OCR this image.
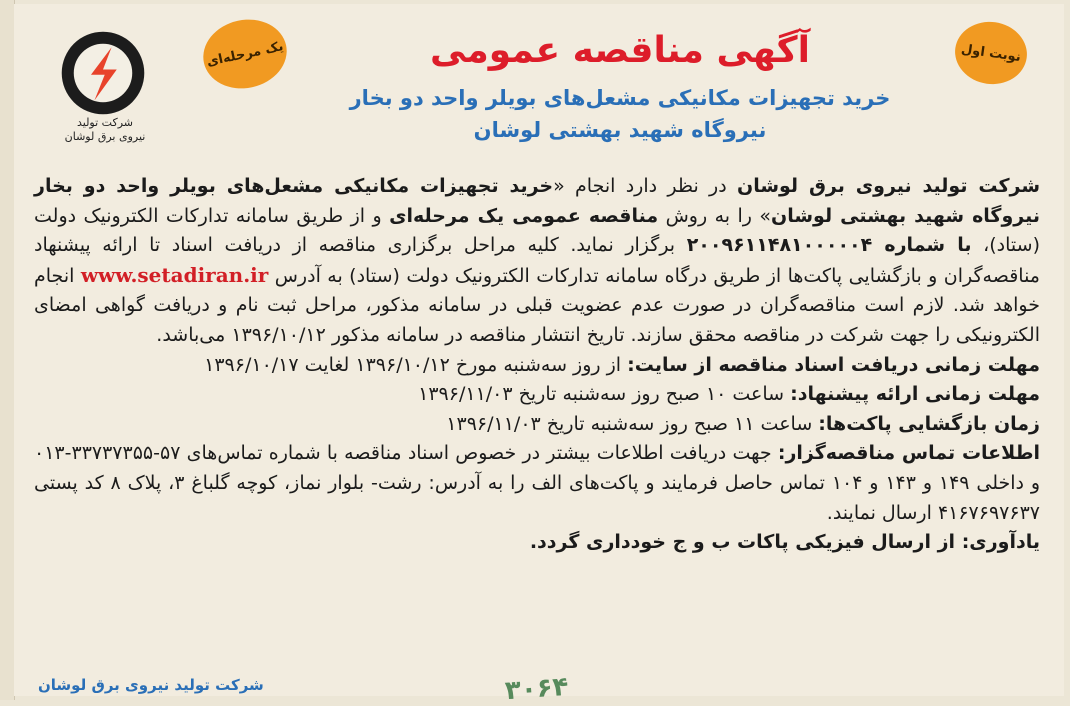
شرکت تولید
نیروی برق لوشان
یک مرحله‌ای	نوبت اول
آگهی مناقصه عمومی
خرید تجهیزات مکانیکی مشعل‌های بویلر واحد دو بخار
نیروگاه شهید بهشتی لوشان
شرکت تولید نیروی برق لوشان در نظر دارد انجام «خرید تجهیزات مکانیکی مشعل‌های بویلر واحد دو بخار نیروگاه شهید بهشتی لوشان» را به روش مناقصه عمومی یک مرحله‌ای و از طریق سامانه تدارکات الکترونیک دولت (ستاد)، با شماره ۲۰۰۹۶۱۱۴۸۱۰۰۰۰۰۴ برگزار نماید. کلیه مراحل برگزاری مناقصه از دریافت اسناد تا ارائه پیشنهاد مناقصه‌گران و بازگشایی پاکت‌ها از طریق درگاه سامانه تدارکات الکترونیک دولت (ستاد) به آدرس www.setadiran.ir انجام خواهد شد. لازم است مناقصه‌گران در صورت عدم عضویت قبلی در سامانه مذکور، مراحل ثبت نام و دریافت گواهی امضای الکترونیکی را جهت شرکت در مناقصه محقق سازند. تاریخ انتشار مناقصه در سامانه مذکور ۱۳۹۶/۱۰/۱۲ می‌باشد.
مهلت زمانی دریافت اسناد مناقصه از سایت: از روز سه‌شنبه مورخ ۱۳۹۶/۱۰/۱۲ لغایت ۱۳۹۶/۱۰/۱۷
مهلت زمانی ارائه پیشنهاد: ساعت ۱۰ صبح روز سه‌شنبه تاریخ ۱۳۹۶/۱۱/۰۳
زمان بازگشایی پاکت‌ها: ساعت ۱۱ صبح روز سه‌شنبه تاریخ ۱۳۹۶/۱۱/۰۳
اطلاعات تماس مناقصه‌گزار: جهت دریافت اطلاعات بیشتر در خصوص اسناد مناقصه با شماره تماس‌های ۵۷-۳۳۷۳۷۳۵۵-۰۱۳ و داخلی ۱۴۹ و ۱۴۳ و ۱۰۴ تماس حاصل فرمایند و پاکت‌های الف را به آدرس: رشت- بلوار نماز، کوچه گلباغ ۳، پلاک ۸ کد پستی ۴۱۶۷۶۹۷۶۳۷ ارسال نمایند.
یادآوری: از ارسال فیزیکی پاکات ب و ج خودداری گردد.
شرکت تولید نیروی برق لوشان	۳۰۶۴
